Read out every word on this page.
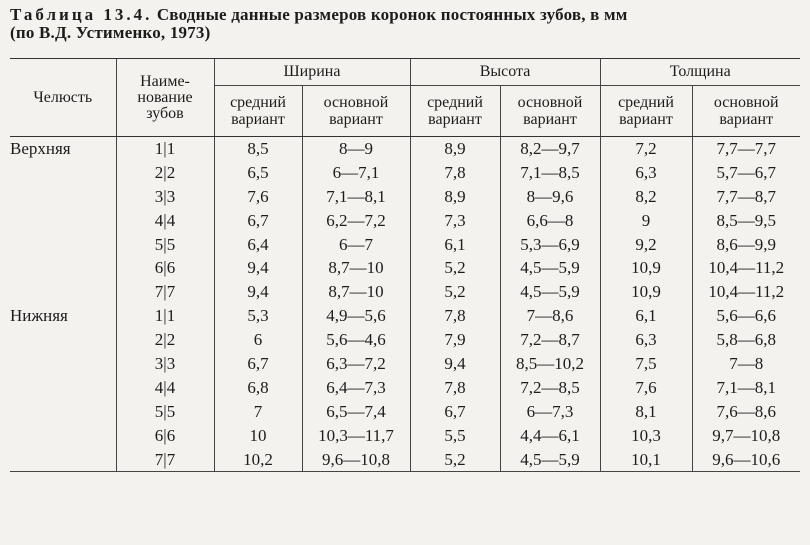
Таблица 13.4. Сводные данные размеров коронок постоянных зубов, в мм
(по В.Д. Устименко, 1973)
Челюсть	Наиме-нование зубов	Ширина		Высота		Толщина	
		средний вариант	основной вариант	средний вариант	основной вариант	средний вариант	основной вариант
Верхняя	1|1	8,5	8—9	8,9	8,2—9,7	7,2	7,7—7,7
	2|2	6,5	6—7,1	7,8	7,1—8,5	6,3	5,7—6,7
	3|3	7,6	7,1—8,1	8,9	8—9,6	8,2	7,7—8,7
	4|4	6,7	6,2—7,2	7,3	6,6—8	9	8,5—9,5
	5|5	6,4	6—7	6,1	5,3—6,9	9,2	8,6—9,9
	6|6	9,4	8,7—10	5,2	4,5—5,9	10,9	10,4—11,2
	7|7	9,4	8,7—10	5,2	4,5—5,9	10,9	10,4—11,2
Нижняя	1|1	5,3	4,9—5,6	7,8	7—8,6	6,1	5,6—6,6
	2|2	6	5,6—4,6	7,9	7,2—8,7	6,3	5,8—6,8
	3|3	6,7	6,3—7,2	9,4	8,5—10,2	7,5	7—8
	4|4	6,8	6,4—7,3	7,8	7,2—8,5	7,6	7,1—8,1
	5|5	7	6,5—7,4	6,7	6—7,3	8,1	7,6—8,6
	6|6	10	10,3—11,7	5,5	4,4—6,1	10,3	9,7—10,8
	7|7	10,2	9,6—10,8	5,2	4,5—5,9	10,1	9,6—10,6
